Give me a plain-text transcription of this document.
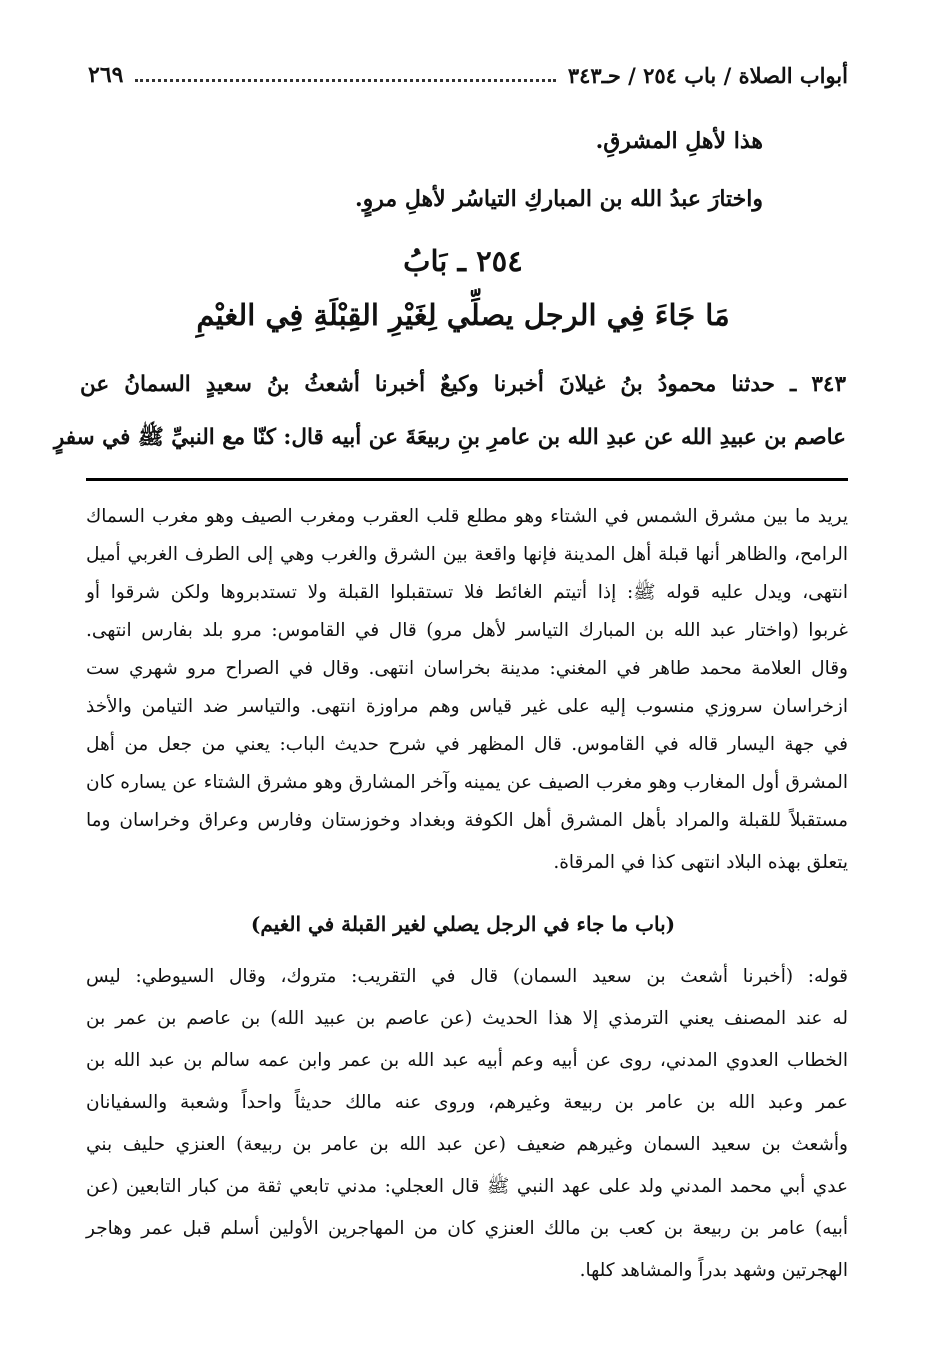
أبواب الصلاة / باب ٢٥٤ / حـ٣٤٣
٢٦٩
هذا لأهلِ المشرقِ.
واختارَ عبدُ الله بن المباركِ التياسُر لأهلِ مروٍ.
٢٥٤ ـ بَابُ
مَا جَاءَ فِي الرجل يصلِّي لِغَيْرِ القِبْلَةِ فِي الغيْمِ
٣٤٣ ـ حدثنا محمودُ بنُ غيلانَ أخبرنا وكيعٌ أخبرنا أشعثُ بنُ سعيدٍ السمانُ عن
عاصم بن عبيدِ الله عن عبدِ الله بن عامرِ بنِ ربيعَةَ عن أبيه قال: كنّا مع النبيِّ ﷺ في سفرٍ
يريد ما بين مشرق الشمس في الشتاء وهو مطلع قلب العقرب ومغرب الصيف وهو مغرب السماك
الرامح، والظاهر أنها قبلة أهل المدينة فإنها واقعة بين الشرق والغرب وهي إلى الطرف الغربي أميل
انتهى، ويدل عليه قوله ﷺ: إذا أتيتم الغائط فلا تستقبلوا القبلة ولا تستدبروها ولكن شرقوا أو
غربوا (واختار عبد الله بن المبارك التياسر لأهل مرو) قال في القاموس: مرو بلد بفارس انتهى.
وقال العلامة محمد طاهر في المغني: مدينة بخراسان انتهى. وقال في الصراح مرو شهري ست
ازخراسان سروزي منسوب إليه على غير قياس وهم مراوزة انتهى. والتياسر ضد التيامن والأخذ
في جهة اليسار قاله في القاموس. قال المظهر في شرح حديث الباب: يعني من جعل من أهل
المشرق أول المغارب وهو مغرب الصيف عن يمينه وآخر المشارق وهو مشرق الشتاء عن يساره كان
مستقبلاً للقبلة والمراد بأهل المشرق أهل الكوفة وبغداد وخوزستان وفارس وعراق وخراسان وما
يتعلق بهذه البلاد انتهى كذا في المرقاة.
(باب ما جاء في الرجل يصلي لغير القبلة في الغيم)
قوله: (أخبرنا أشعث بن سعيد السمان) قال في التقريب: متروك، وقال السيوطي: ليس
له عند المصنف يعني الترمذي إلا هذا الحديث (عن عاصم بن عبيد الله) بن عاصم بن عمر بن
الخطاب العدوي المدني، روى عن أبيه وعم أبيه عبد الله بن عمر وابن عمه سالم بن عبد الله بن
عمر وعبد الله بن عامر بن ربيعة وغيرهم، وروى عنه مالك حديثاً واحداً وشعبة والسفيانان
وأشعث بن سعيد السمان وغيرهم ضعيف (عن عبد الله بن عامر بن ربيعة) العنزي حليف بني
عدي أبي محمد المدني ولد على عهد النبي ﷺ قال العجلي: مدني تابعي ثقة من كبار التابعين (عن
أبيه) عامر بن ربيعة بن كعب بن مالك العنزي كان من المهاجرين الأولين أسلم قبل عمر وهاجر
الهجرتين وشهد بدراً والمشاهد كلها.
